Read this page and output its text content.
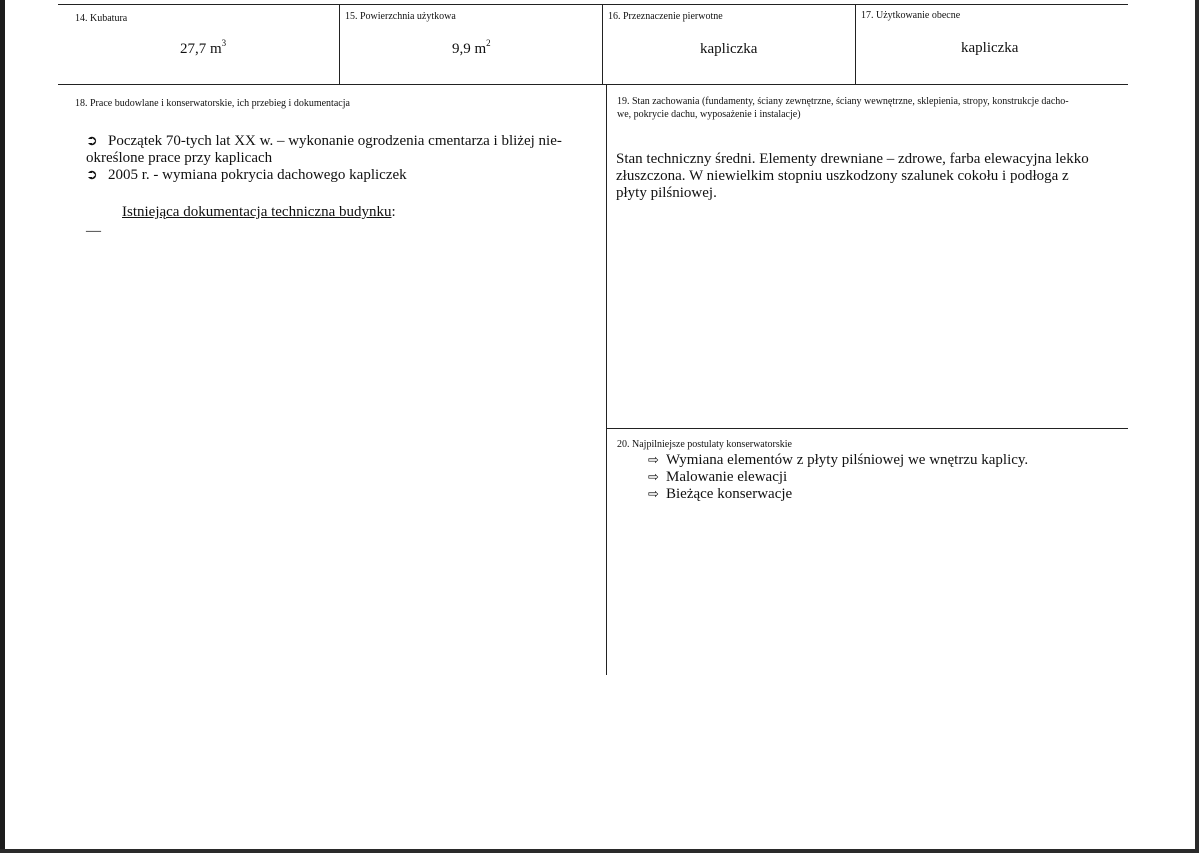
14. Kubatura
27,7 $m^3$
15. Powierzchnia użytkowa
9,9 $m^2$
16. Przeznaczenie pierwotne
kapliczka
17. Użytkowanie obecne
kapliczka
18. Prace budowlane i konserwatorskie, ich przebieg i dokumentacja
➲ Początek 70-tych lat XX w. – wykonanie ogrodzenia cmentarza i bliżej nie-
określone prace przy kaplicach
➲ 2005 r. - wymiana pokrycia dachowego kapliczek
Istniejąca dokumentacja techniczna budynku:
—
19. Stan zachowania (fundamenty, ściany zewnętrzne, ściany wewnętrzne, sklepienia, stropy, konstrukcje dacho-
we, pokrycie dachu, wyposażenie i instalacje)
Stan techniczny średni. Elementy drewniane – zdrowe, farba elewacyjna lekko
złuszczona. W niewielkim stopniu uszkodzony szalunek cokołu i podłoga z
płyty pilśniowej.
20. Najpilniejsze postulaty konserwatorskie
⇨ Wymiana elementów z płyty pilśniowej we wnętrzu kaplicy.
⇨ Malowanie elewacji
⇨ Bieżące konserwacje
